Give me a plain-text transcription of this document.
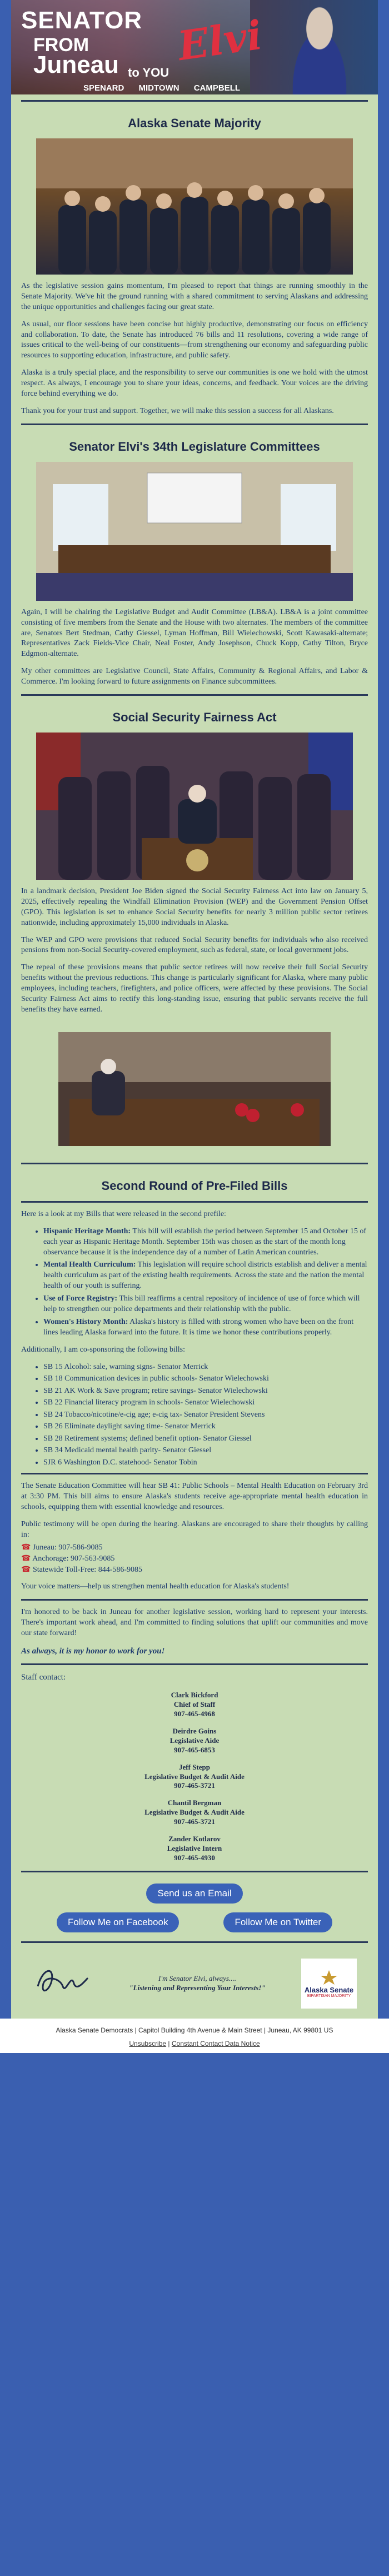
SENATOR
FROM
Juneau to YOU
Elvi
SPENARD MIDTOWN CAMPBELL
Alaska Senate Majority

As the legislative session gains momentum, I'm pleased to report that things are running smoothly in the Senate Majority. We've hit the ground running with a shared commitment to serving Alaskans and addressing the unique opportunities and challenges facing our great state.

As usual, our floor sessions have been concise but highly productive, demonstrating our focus on efficiency and collaboration. To date, the Senate has introduced 76 bills and 11 resolutions, covering a wide range of issues critical to the well-being of our constituents—from strengthening our economy and safeguarding public resources to supporting education, infrastructure, and public safety.

Alaska is a truly special place, and the responsibility to serve our communities is one we hold with the utmost respect. As always, I encourage you to share your ideas, concerns, and feedback. Your voices are the driving force behind everything we do.

Thank you for your trust and support. Together, we will make this session a success for all Alaskans.

Senator Elvi's 34th Legislature Committees

Again, I will be chairing the Legislative Budget and Audit Committee (LB&A). LB&A is a joint committee consisting of five members from the Senate and the House with two alternates. The members of the committee are, Senators Bert Stedman, Cathy Giessel, Lyman Hoffman, Bill Wielechowski, Scott Kawasaki-alternate; Representatives Zack Fields-Vice Chair, Neal Foster, Andy Josephson, Chuck Kopp, Cathy Tilton, Bryce Edgmon-alternate.

My other committees are Legislative Council, State Affairs, Community & Regional Affairs, and Labor & Commerce. I'm looking forward to future assignments on Finance subcommittees.

Social Security Fairness Act

In a landmark decision, President Joe Biden signed the Social Security Fairness Act into law on January 5, 2025, effectively repealing the Windfall Elimination Provision (WEP) and the Government Pension Offset (GPO). This legislation is set to enhance Social Security benefits for nearly 3 million public sector retirees nationwide, including approximately 15,000 individuals in Alaska.

The WEP and GPO were provisions that reduced Social Security benefits for individuals who also received pensions from non-Social Security-covered employment, such as federal, state, or local government jobs.

The repeal of these provisions means that public sector retirees will now receive their full Social Security benefits without the previous reductions. This change is particularly significant for Alaska, where many public employees, including teachers, firefighters, and police officers, were affected by these provisions. The Social Security Fairness Act aims to rectify this long-standing issue, ensuring that public servants receive the full benefits they have earned.

Second Round of Pre-Filed Bills

Here is a look at my Bills that were released in the second prefile:

• Hispanic Heritage Month: This bill will establish the period between September 15 and October 15 of each year as Hispanic Heritage Month. September 15th was chosen as the start of the month long observance because it is the independence day of a number of Latin American countries.
• Mental Health Curriculum: This legislation will require school districts establish and deliver a mental health curriculum as part of the existing health requirements. Across the state and the nation the mental health of our youth is suffering.
• Use of Force Registry: This bill reaffirms a central repository of incidence of use of force which will help to strengthen our police departments and their relationship with the public.
• Women's History Month: Alaska's history is filled with strong women who have been on the front lines leading Alaska forward into the future. It is time we honor these contributions properly.

Additionally, I am co-sponsoring the following bills:

• SB 15 Alcohol: sale, warning signs- Senator Merrick
• SB 18 Communication devices in public schools- Senator Wielechowski
• SB 21 AK Work & Save program; retire savings- Senator Wielechowski
• SB 22 Financial literacy program in schools- Senator Wielechowski
• SB 24 Tobacco/nicotine/e-cig age; e-cig tax- Senator President Stevens
• SB 26 Eliminate daylight saving time- Senator Merrick
• SB 28 Retirement systems; defined benefit option- Senator Giessel
• SB 34 Medicaid mental health parity- Senator Giessel
• SJR 6 Washington D.C. statehood- Senator Tobin

The Senate Education Committee will hear SB 41: Public Schools – Mental Health Education on February 3rd at 3:30 PM. This bill aims to ensure Alaska's students receive age-appropriate mental health education in schools, equipping them with essential knowledge and resources.

Public testimony will be open during the hearing. Alaskans are encouraged to share their thoughts by calling in:

☎ Juneau: 907-586-9085
☎ Anchorage: 907-563-9085
☎ Statewide Toll-Free: 844-586-9085

Your voice matters—help us strengthen mental health education for Alaska's students!

I'm honored to be back in Juneau for another legislative session, working hard to represent your interests. There's important work ahead, and I'm committed to finding solutions that uplift our communities and move our state forward!

As always, it is my honor to work for you!

Staff contact:

Clark Bickford
Chief of Staff
907-465-4968
Deirdre Goins
Legislative Aide
907-465-6853
Jeff Stepp
Legislative Budget & Audit Aide
907-465-3721
Chantil Bergman
Legislative Budget & Audit Aide
907-465-3721
Zander Kotlarov
Legislative Intern
907-465-4930
Send us an Email
Follow Me on Facebook	Follow Me on Twitter
I'm Senator Elvi, always....
"Listening and Representing Your Interests!"	Alaska Senate
BIPARTISAN MAJORITY
Alaska Senate Democrats | Capitol Building 4th Avenue & Main Street | Juneau, AK 99801 US
Unsubscribe | Constant Contact Data Notice
